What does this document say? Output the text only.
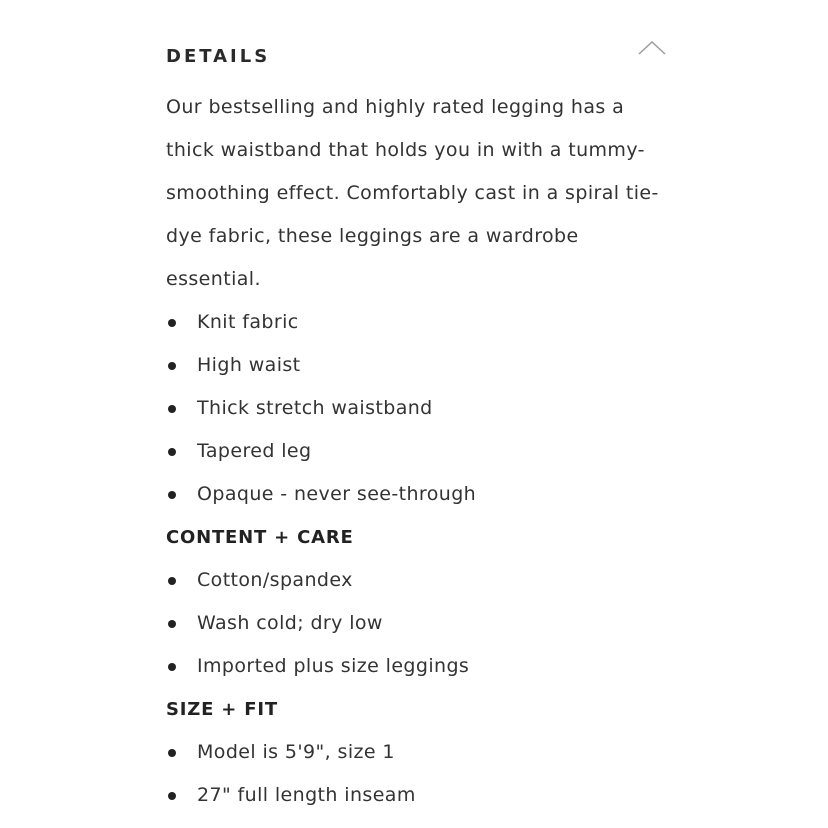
DETAILS

Our bestselling and highly rated legging has a thick waistband that holds you in with a tummy-smoothing effect. Comfortably cast in a spiral tie-dye fabric, these leggings are a wardrobe essential.

Knit fabric
High waist
Thick stretch waistband
Tapered leg
Opaque - never see-through
CONTENT + CARE
Cotton/spandex
Wash cold; dry low
Imported plus size leggings
SIZE + FIT
Model is 5'9", size 1
27" full length inseam
